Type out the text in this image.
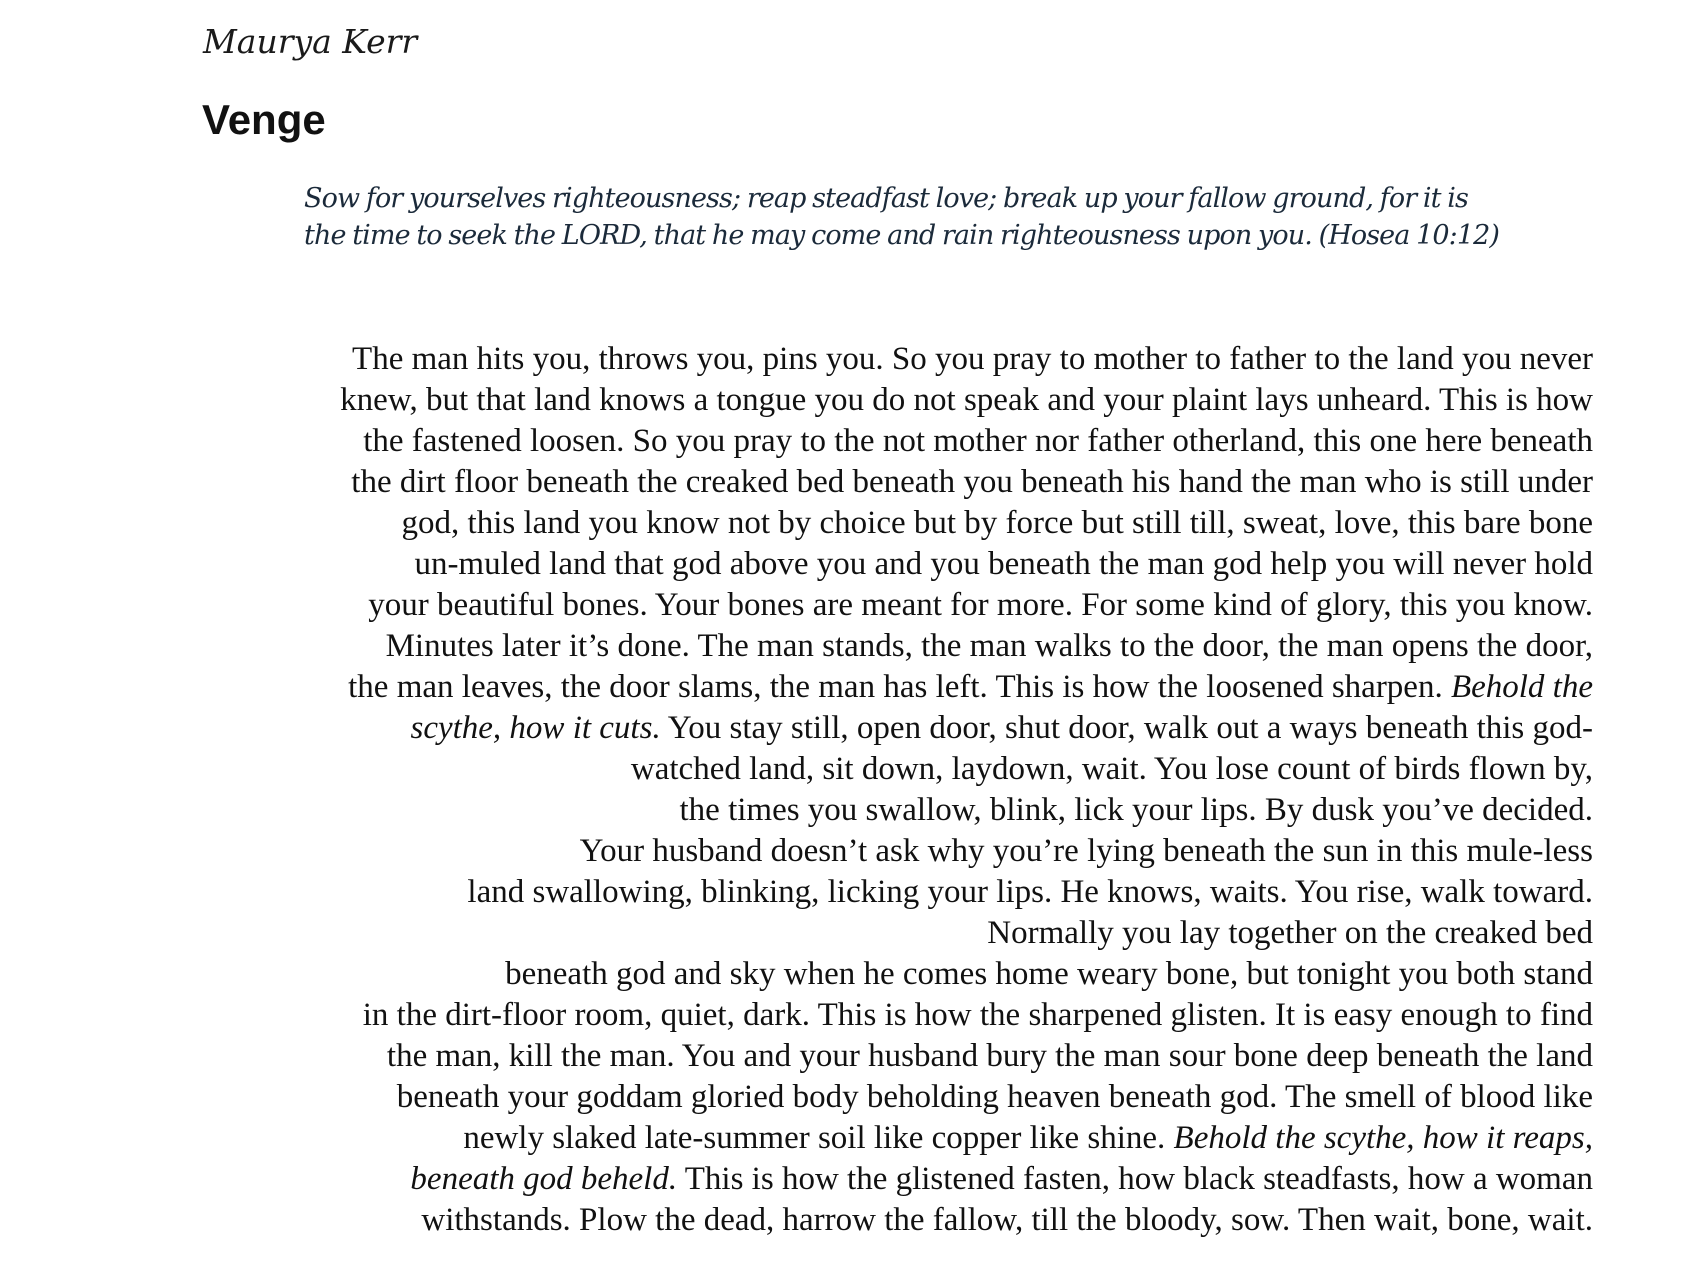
Maurya Kerr
Venge
Sow for yourselves righteousness; reap steadfast love; break up your fallow ground, for it is
the time to seek the LORD, that he may come and rain righteousness upon you. (Hosea 10:12)
The man hits you, throws you, pins you. So you pray to mother to father to the land you never
knew, but that land knows a tongue you do not speak and your plaint lays unheard. This is how
the fastened loosen. So you pray to the not mother nor father otherland, this one here beneath
the dirt floor beneath the creaked bed beneath you beneath his hand the man who is still under
god, this land you know not by choice but by force but still till, sweat, love, this bare bone
un-muled land that god above you and you beneath the man god help you will never hold
your beautiful bones. Your bones are meant for more. For some kind of glory, this you know.
Minutes later it’s done. The man stands, the man walks to the door, the man opens the door,
the man leaves, the door slams, the man has left. This is how the loosened sharpen. Behold the
scythe, how it cuts. You stay still, open door, shut door, walk out a ways beneath this god-
watched land, sit down, laydown, wait. You lose count of birds flown by,
the times you swallow, blink, lick your lips. By dusk you’ve decided.
Your husband doesn’t ask why you’re lying beneath the sun in this mule-less
land swallowing, blinking, licking your lips. He knows, waits. You rise, walk toward.
Normally you lay together on the creaked bed
beneath god and sky when he comes home weary bone, but tonight you both stand
in the dirt-floor room, quiet, dark. This is how the sharpened glisten. It is easy enough to find
the man, kill the man. You and your husband bury the man sour bone deep beneath the land
beneath your goddam gloried body beholding heaven beneath god. The smell of blood like
newly slaked late-summer soil like copper like shine. Behold the scythe, how it reaps,
beneath god beheld. This is how the glistened fasten, how black steadfasts, how a woman
withstands. Plow the dead, harrow the fallow, till the bloody, sow. Then wait, bone, wait.
